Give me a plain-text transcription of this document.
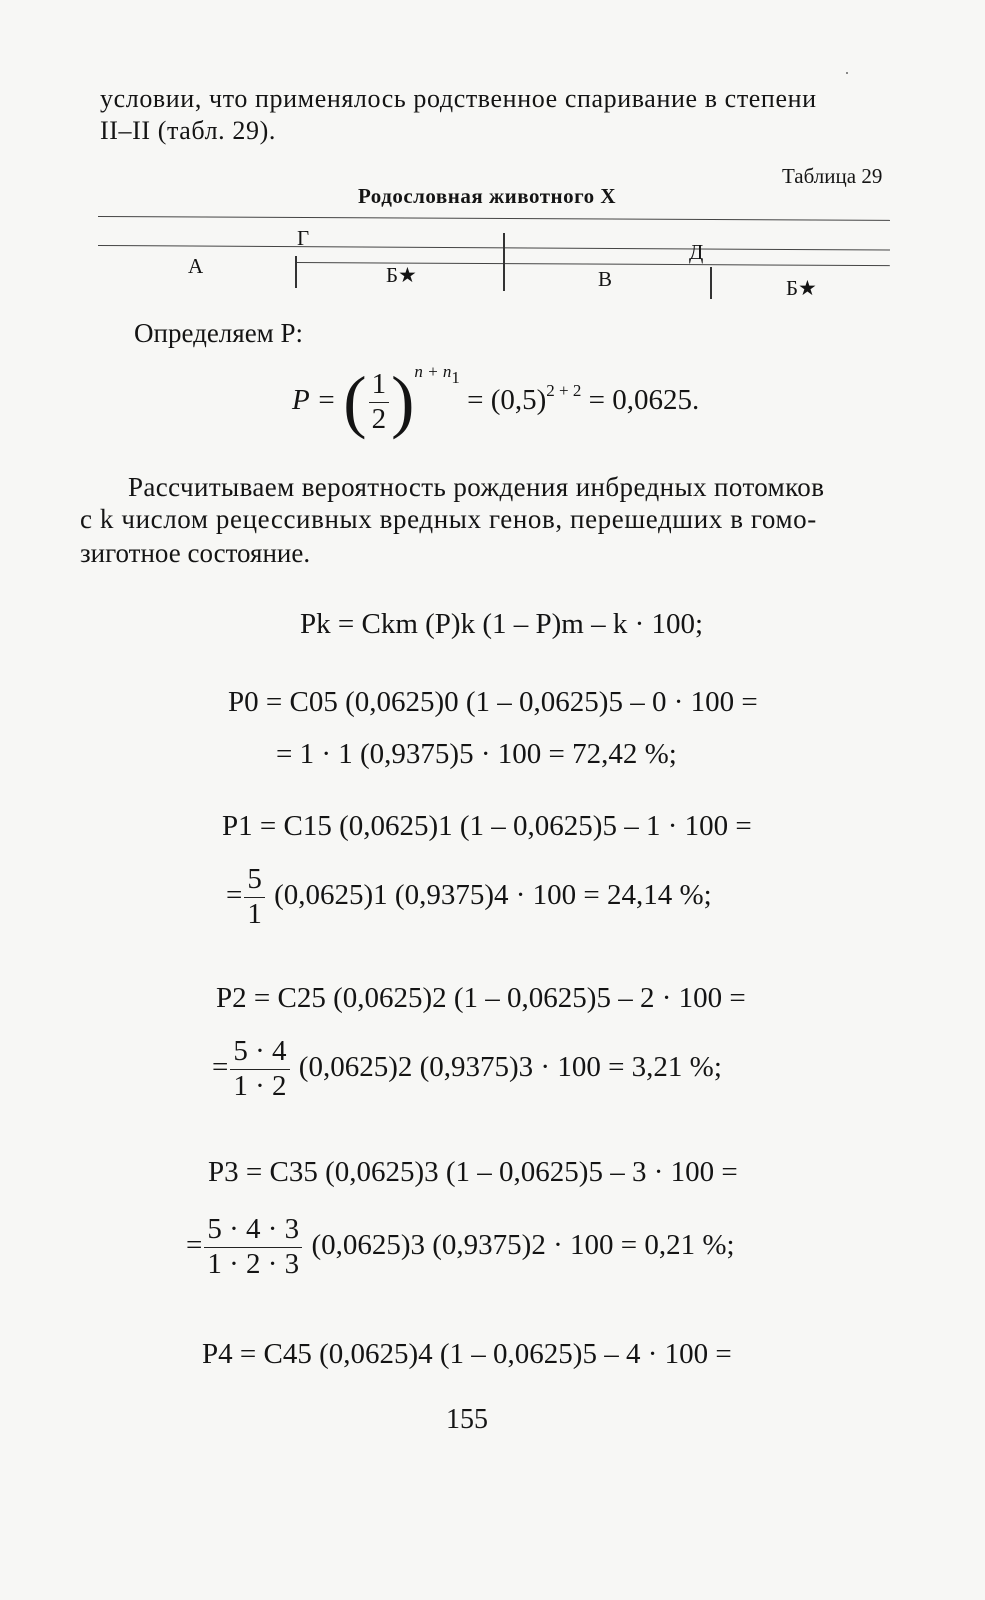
условии, что применялось родственное спаривание в степени
II–II (табл. 29).
Таблица 29
Родословная животного X
Г
Д
А	Б★	В	Б★
Определяем P:
P = ( $\frac{1}{2} )^{n + n_1} = (0,5)^{2 + 2} = 0,0625$.
Рассчитываем вероятность рождения инбредных потомков
с k числом рецессивных вредных генов, перешедших в гомо-
зиготное состояние.
Pk = Ckm (P)k (1 – P)m – k · 100;
P0 = C05 (0,0625)0 (1 – 0,0625)5 – 0 · 100 =
= 1 · 1 (0,9375)5 · 100 = 72,42 %;
P1 = C15 (0,0625)1 (1 – 0,0625)5 – 1 · 100 =
= $\frac{5}{1} (0,0625)1$ (0,9375)4 · 100 = 24,14 %;
P2 = C25 (0,0625)2 (1 – 0,0625)5 – 2 · 100 =
= $\frac{5 \cdot 4}{1 \cdot 2} (0,0625)2$ (0,9375)3 · 100 = 3,21 %;
P3 = C35 (0,0625)3 (1 – 0,0625)5 – 3 · 100 =
= $\frac{5 \cdot 4 \cdot 3}{1 \cdot 2 \cdot 3} (0,0625)3$ (0,9375)2 · 100 = 0,21 %;
P4 = C45 (0,0625)4 (1 – 0,0625)5 – 4 · 100 =
155
